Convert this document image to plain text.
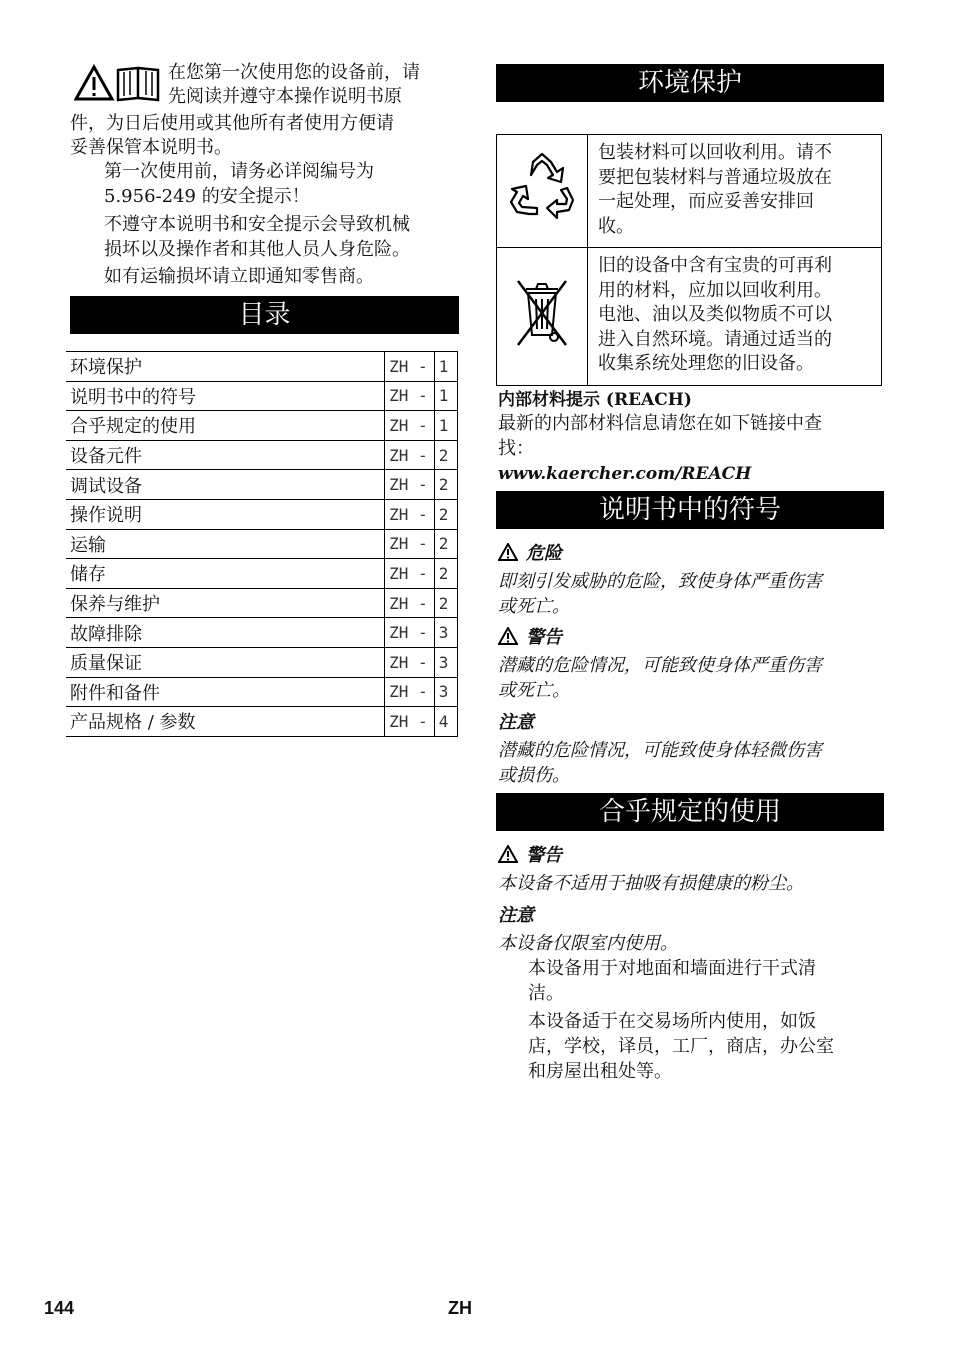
在您第一次使用您的设备前，请
先阅读并遵守本操作说明书原
件，为日后使用或其他所有者使用方便请
妥善保管本说明书。
第一次使用前，请务必详阅编号为
5.956-249 的安全提示！
不遵守本说明书和安全提示会导致机械
损坏以及操作者和其他人员人身危险。
如有运输损坏请立即通知零售商。
目录
环境保护	ZH -	1
说明书中的符号	ZH -	1
合乎规定的使用	ZH -	1
设备元件	ZH -	2
调试设备	ZH -	2
操作说明	ZH -	2
运输	ZH -	2
储存	ZH -	2
保养与维护	ZH -	2
故障排除	ZH -	3
质量保证	ZH -	3
附件和备件	ZH -	3
产品规格 / 参数	ZH -	4
环境保护

包装材料可以回收利用。请不
要把包装材料与普通垃圾放在
一起处理，而应妥善安排回
收。

旧的设备中含有宝贵的可再利
用的材料，应加以回收利用。
电池、油以及类似物质不可以
进入自然环境。请通过适当的
收集系统处理您的旧设备。
内部材料提示 (REACH)
最新的内部材料信息请您在如下链接中查
找：
www.kaercher.com/REACH
说明书中的符号
危险
即刻引发威胁的危险，致使身体严重伤害
或死亡。
警告
潜藏的危险情况，可能致使身体严重伤害
或死亡。
注意
潜藏的危险情况，可能致使身体轻微伤害
或损伤。
合乎规定的使用
警告
本设备不适用于抽吸有损健康的粉尘。
注意
本设备仅限室内使用。
本设备用于对地面和墙面进行干式清
洁。
本设备适于在交易场所内使用，如饭
店，学校，译员，工厂，商店，办公室
和房屋出租处等。
144	ZH
